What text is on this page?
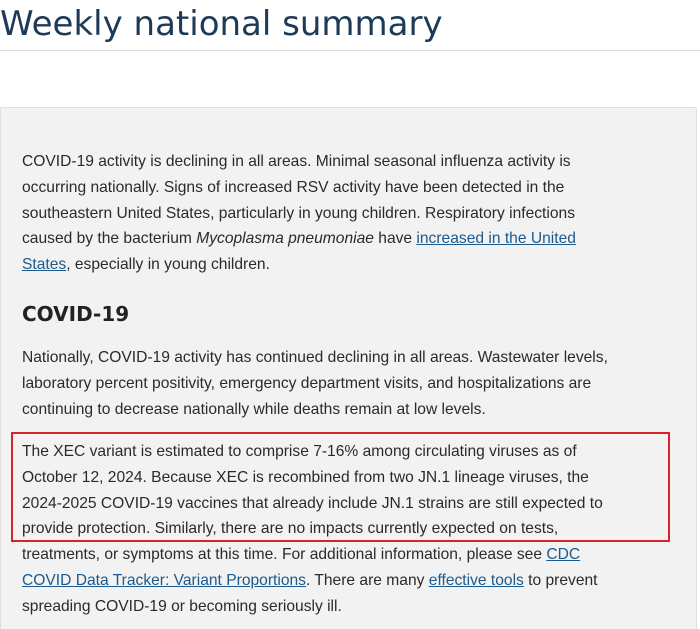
Weekly national summary

COVID-19 activity is declining in all areas. Minimal seasonal influenza activity is
occurring nationally. Signs of increased RSV activity have been detected in the
southeastern United States, particularly in young children. Respiratory infections
caused by the bacterium Mycoplasma pneumoniae have increased in the United
States, especially in young children.

COVID-19

Nationally, COVID-19 activity has continued declining in all areas. Wastewater levels,
laboratory percent positivity, emergency department visits, and hospitalizations are
continuing to decrease nationally while deaths remain at low levels.

The XEC variant is estimated to comprise 7-16% among circulating viruses as of
October 12, 2024. Because XEC is recombined from two JN.1 lineage viruses, the
2024-2025 COVID-19 vaccines that already include JN.1 strains are still expected to
provide protection. Similarly, there are no impacts currently expected on tests,
treatments, or symptoms at this time. For additional information, please see CDC
COVID Data Tracker: Variant Proportions. There are many effective tools to prevent
spreading COVID-19 or becoming seriously ill.
